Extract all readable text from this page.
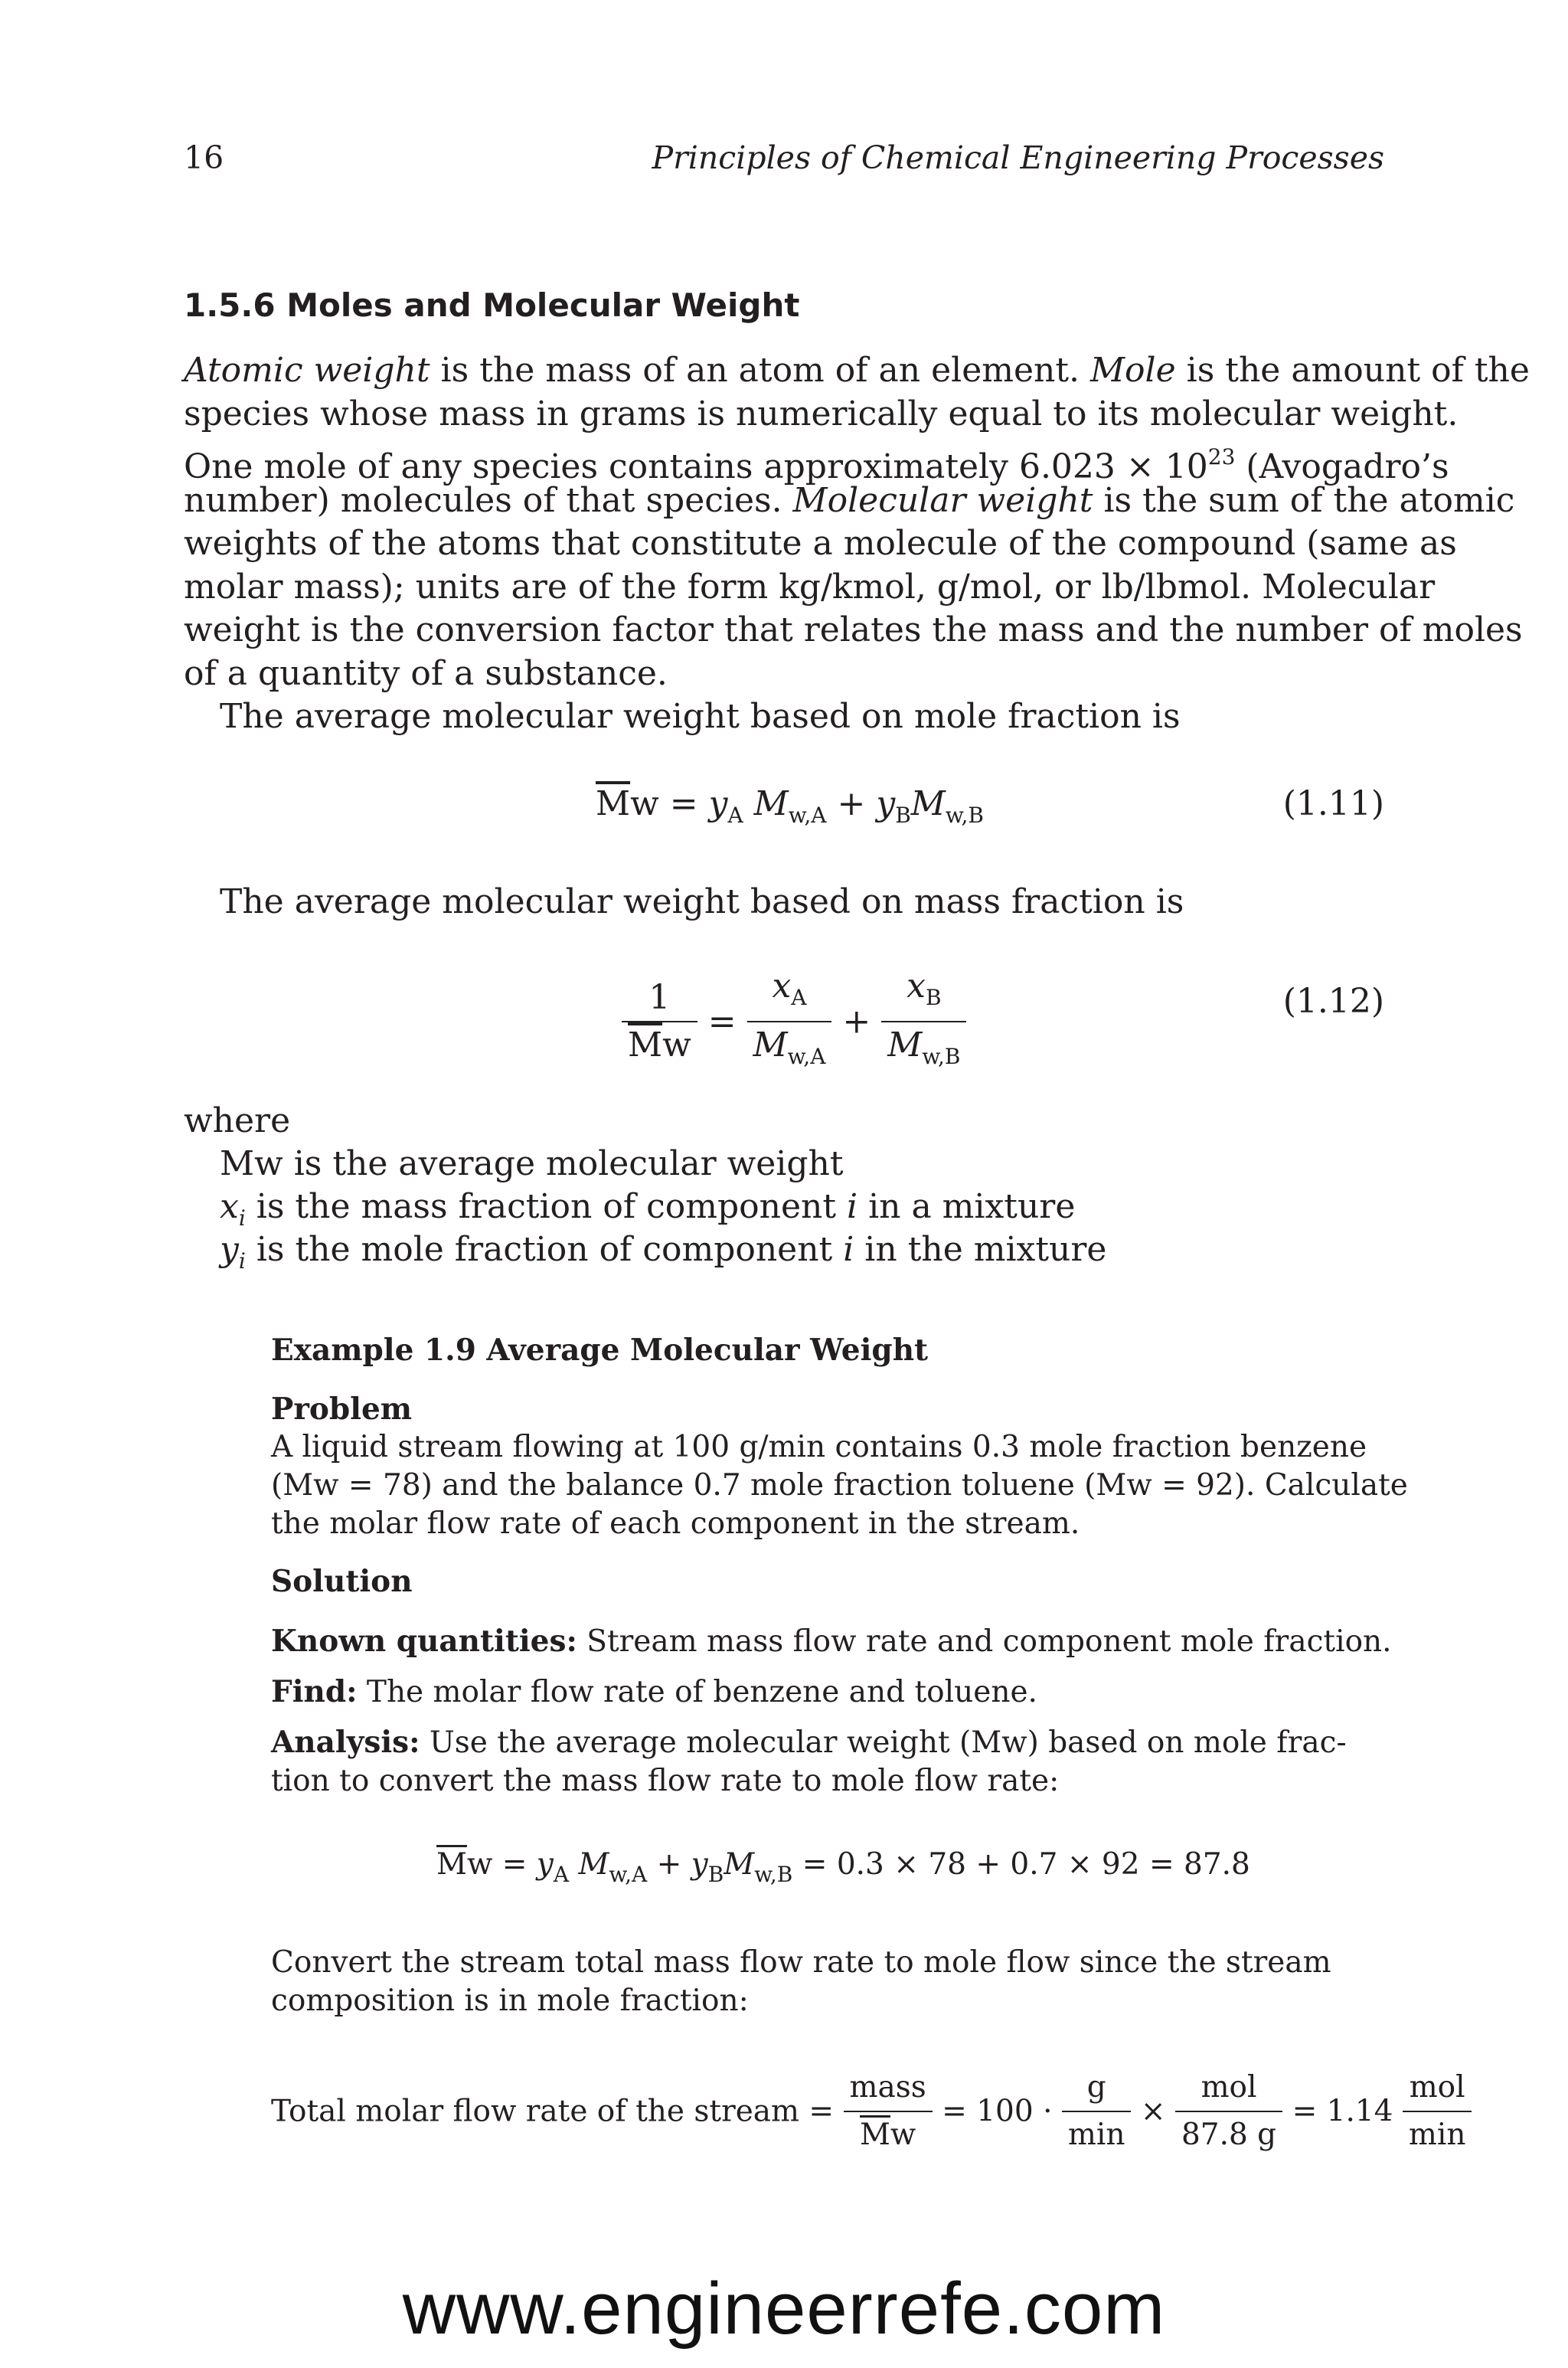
16	Principles of Chemical Engineering Processes
1.5.6 Moles and Molecular Weight
Atomic weight is the mass of an atom of an element. Mole is the amount of the
species whose mass in grams is numerically equal to its molecular weight.
One mole of any species contains approximately $6.023 \times 10^{23}$ (Avogadro’s
number) molecules of that species. Molecular weight is the sum of the atomic
weights of the atoms that constitute a molecule of the compound (same as
molar mass); units are of the form kg/kmol, g/mol, or lb/lbmol. Molecular
weight is the conversion factor that relates the mass and the number of moles
of a quantity of a substance.
The average molecular weight based on mole fraction is
$\overline{M}w = y_A$ $M_{w,A} + y_BM_{w,B}$	(1.11)
The average molecular weight based on mass fraction is
$\frac{1}{\overline{M}w} = \frac{x_A}{M_{w,A}} + \frac{x_B}{M_{w,B}}$	(1.12)
where
Mw is the average molecular weight
$x_i$ is the mass fraction of component i in a mixture
$y_i$ is the mole fraction of component i in the mixture
Example 1.9 Average Molecular Weight
Problem
A liquid stream flowing at 100 g/min contains 0.3 mole fraction benzene
(Mw = 78) and the balance 0.7 mole fraction toluene (Mw = 92). Calculate
the molar flow rate of each component in the stream.
Solution
Known quantities: Stream mass flow rate and component mole fraction.
Find: The molar flow rate of benzene and toluene.
Analysis: Use the average molecular weight (Mw) based on mole frac-
tion to convert the mass flow rate to mole flow rate:
$\overline{M}w = y_A$ $M_{w,A} + y_BM_{w,B} = 0.3 \times 78 + 0.7 \times 92 = 87.8$
Convert the stream total mass flow rate to mole flow since the stream
composition is in mole fraction:
Total molar flow rate of the stream = $\frac{\text{mass}}{\overline{M}w} = 100 \cdot \frac{g}{\min} \times \frac{\text{mol}}{87.8 g} = 1.14 \frac{\text{mol}}{\min}$
www.engineerrefe.com
